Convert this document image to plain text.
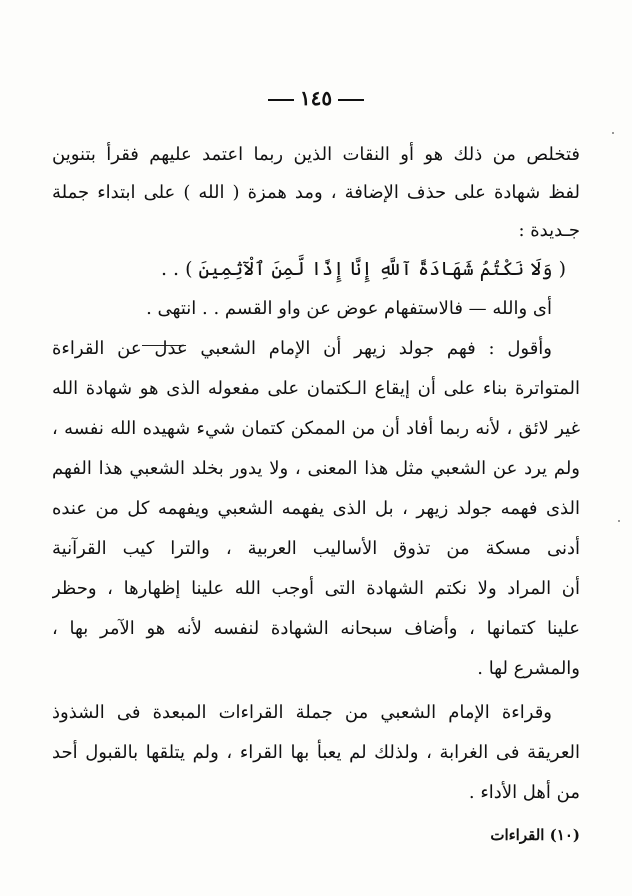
١٤٥
فتخلص من ذلك هو أو النقات الذين ربما اعتمد عليهم فقرأ بتنوين
لفظ شهادة على حذف الإضافة ، ومد همزة ( الله ) على ابتداء جملة
جـديدة :
( وَلَا نَكْتُمُ شَهَادَةً آللَّهِ إِنَّا إِذًا لَّمِنَ ٱلْآثِمِينَ ) . .
أى والله — فالاستفهام عوض عن واو القسم . . انتهى .
وأقول : فهم جولد زيهر أن الإمام الشعبي عدل عن القراءة
المتواترة بناء على أن إيقاع الـكتمان على مفعوله الذى هو شهادة الله
غير لائق ، لأنه ربما أفاد أن من الممكن كتمان شيء شهيده الله نفسه ،
ولم يرد عن الشعبي مثل هذا المعنى ، ولا يدور بخلد الشعبي هذا الفهم
الذى فهمه جولد زيهر ، بل الذى يفهمه الشعبي ويفهمه كل من عنده
أدنى مسكة من تذوق الأساليب العربية ، والترا كيب القرآنية
أن المراد ولا نكتم الشهادة التى أوجب الله علينا إظهارها ، وحظر
علينا كتمانها ، وأضاف سبحانه الشهادة لنفسه لأنه هو الآمر بها ،
والمشرع لها .
وقراءة الإمام الشعبي من جملة القراءات المبعدة فى الشذوذ
العريقة فى الغرابة ، ولذلك لم يعبأ بها القراء ، ولم يتلقها بالقبول أحد
من أهل الأداء .
(١٠) القراءات
